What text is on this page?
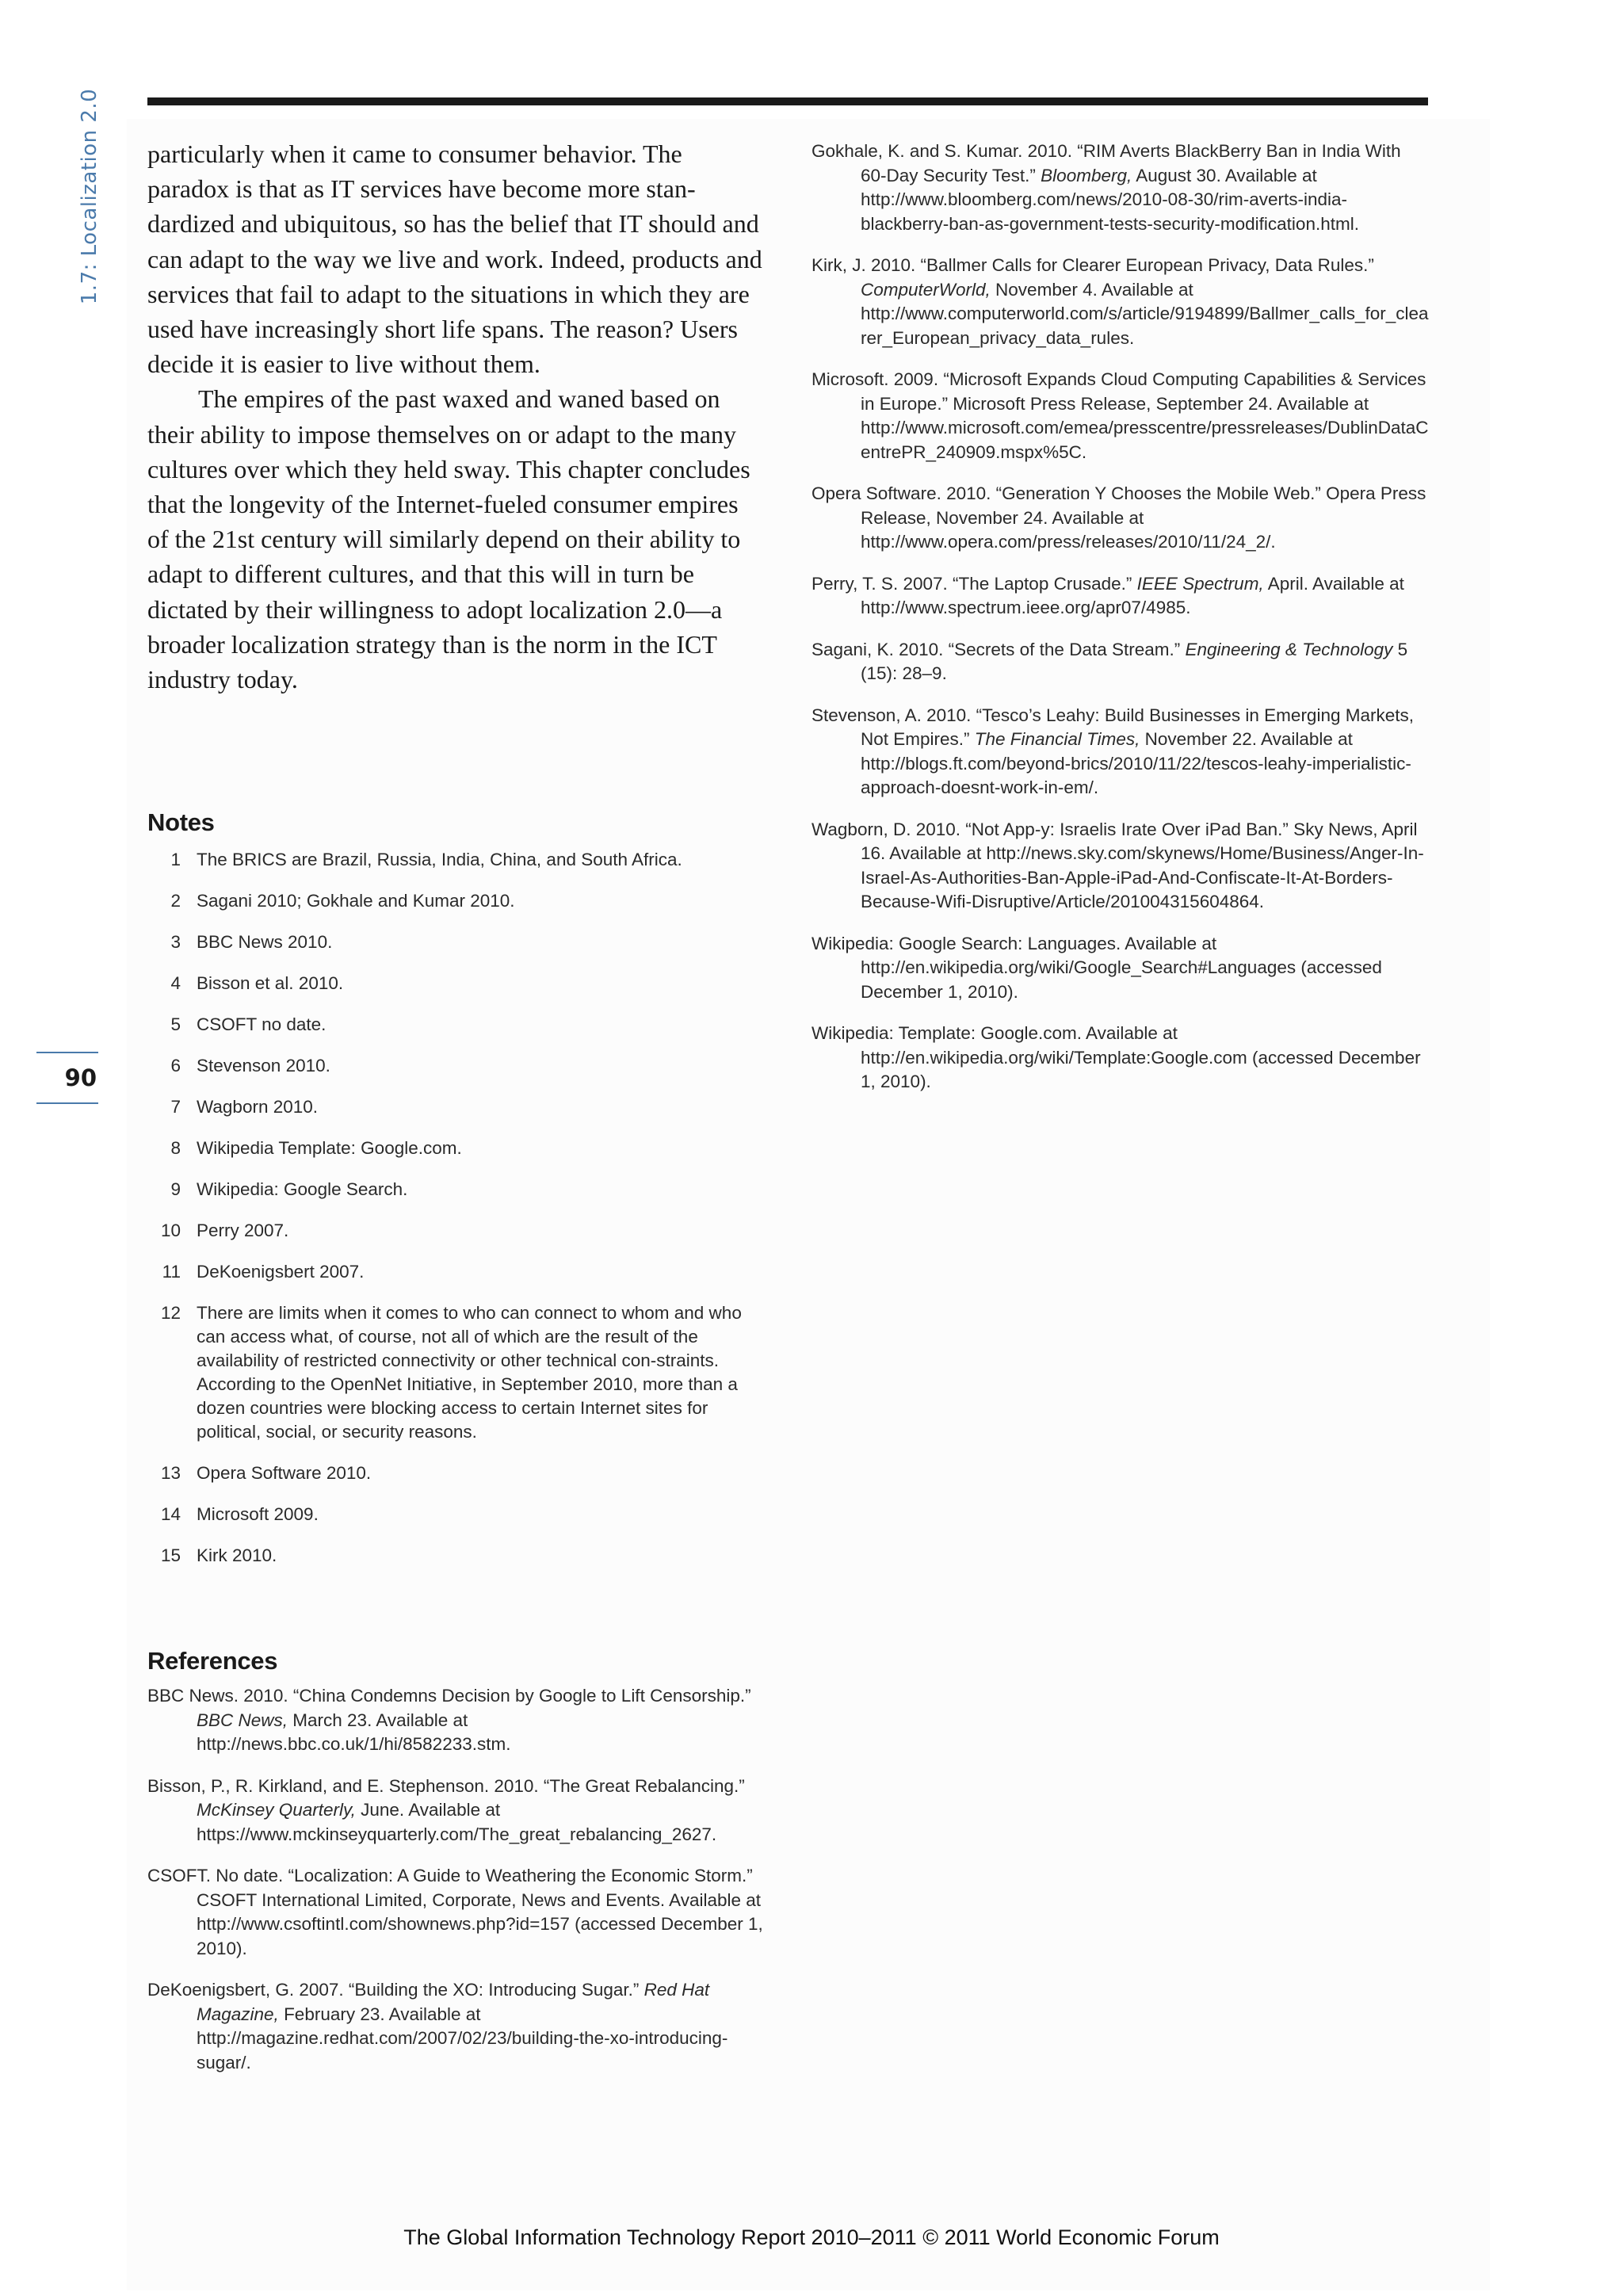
1.7: Localization 2.0
90

particularly when it came to consumer behavior. The paradox is that as IT services have become more stan-dardized and ubiquitous, so has the belief that IT should and can adapt to the way we live and work. Indeed, products and services that fail to adapt to the situations in which they are used have increasingly short life spans. The reason? Users decide it is easier to live without them.

The empires of the past waxed and waned based on their ability to impose themselves on or adapt to the many cultures over which they held sway. This chapter concludes that the longevity of the Internet-fueled consumer empires of the 21st century will similarly depend on their ability to adapt to different cultures, and that this will in turn be dictated by their willingness to adopt localization 2.0—a broader localization strategy than is the norm in the ICT industry today.

Notes
1 The BRICS are Brazil, Russia, India, China, and South Africa.
2 Sagani 2010; Gokhale and Kumar 2010.
3 BBC News 2010.
4 Bisson et al. 2010.
5 CSOFT no date.
6 Stevenson 2010.
7 Wagborn 2010.
8 Wikipedia Template: Google.com.
9 Wikipedia: Google Search.
10 Perry 2007.
11 DeKoenigsbert 2007.
12 There are limits when it comes to who can connect to whom and who can access what, of course, not all of which are the result of the availability of restricted connectivity or other technical con-straints. According to the OpenNet Initiative, in September 2010, more than a dozen countries were blocking access to certain Internet sites for political, social, or security reasons.
13 Opera Software 2010.
14 Microsoft 2009.
15 Kirk 2010.
References

BBC News. 2010. “China Condemns Decision by Google to Lift Censorship.” BBC News, March 23. Available at http://news.bbc.co.uk/1/hi/8582233.stm.

Bisson, P., R. Kirkland, and E. Stephenson. 2010. “The Great Rebalancing.” McKinsey Quarterly, June. Available at https://www.mckinseyquarterly.com/The_great_rebalancing_2627.

CSOFT. No date. “Localization: A Guide to Weathering the Economic Storm.” CSOFT International Limited, Corporate, News and Events. Available at http://www.csoftintl.com/shownews.php?id=157 (accessed December 1, 2010).

DeKoenigsbert, G. 2007. “Building the XO: Introducing Sugar.” Red Hat Magazine, February 23. Available at http://magazine.redhat.com/2007/02/23/building-the-xo-introducing-sugar/.

Gokhale, K. and S. Kumar. 2010. “RIM Averts BlackBerry Ban in India With 60-Day Security Test.” Bloomberg, August 30. Available at http://www.bloomberg.com/news/2010-08-30/rim-averts-india-blackberry-ban-as-government-tests-security-modification.html.

Kirk, J. 2010. “Ballmer Calls for Clearer European Privacy, Data Rules.” ComputerWorld, November 4. Available at http://www.computerworld.com/s/article/9194899/Ballmer_calls_for_clearer_European_privacy_data_rules.

Microsoft. 2009. “Microsoft Expands Cloud Computing Capabilities & Services in Europe.” Microsoft Press Release, September 24. Available at http://www.microsoft.com/emea/presscentre/pressreleases/DublinDataCentrePR_240909.mspx%5C.

Opera Software. 2010. “Generation Y Chooses the Mobile Web.” Opera Press Release, November 24. Available at http://www.opera.com/press/releases/2010/11/24_2/.

Perry, T. S. 2007. “The Laptop Crusade.” IEEE Spectrum, April. Available at http://www.spectrum.ieee.org/apr07/4985.

Sagani, K. 2010. “Secrets of the Data Stream.” Engineering & Technology 5 (15): 28–9.

Stevenson, A. 2010. “Tesco’s Leahy: Build Businesses in Emerging Markets, Not Empires.” The Financial Times, November 22. Available at http://blogs.ft.com/beyond-brics/2010/11/22/tescos-leahy-imperialistic-approach-doesnt-work-in-em/.

Wagborn, D. 2010. “Not App-y: Israelis Irate Over iPad Ban.” Sky News, April 16. Available at http://news.sky.com/skynews/Home/Business/Anger-In-Israel-As-Authorities-Ban-Apple-iPad-And-Confiscate-It-At-Borders-Because-Wifi-Disruptive/Article/201004315604864.

Wikipedia: Google Search: Languages. Available at http://en.wikipedia.org/wiki/Google_Search#Languages (accessed December 1, 2010).

Wikipedia: Template: Google.com. Available at http://en.wikipedia.org/wiki/Template:Google.com (accessed December 1, 2010).

The Global Information Technology Report 2010–2011 © 2011 World Economic Forum
